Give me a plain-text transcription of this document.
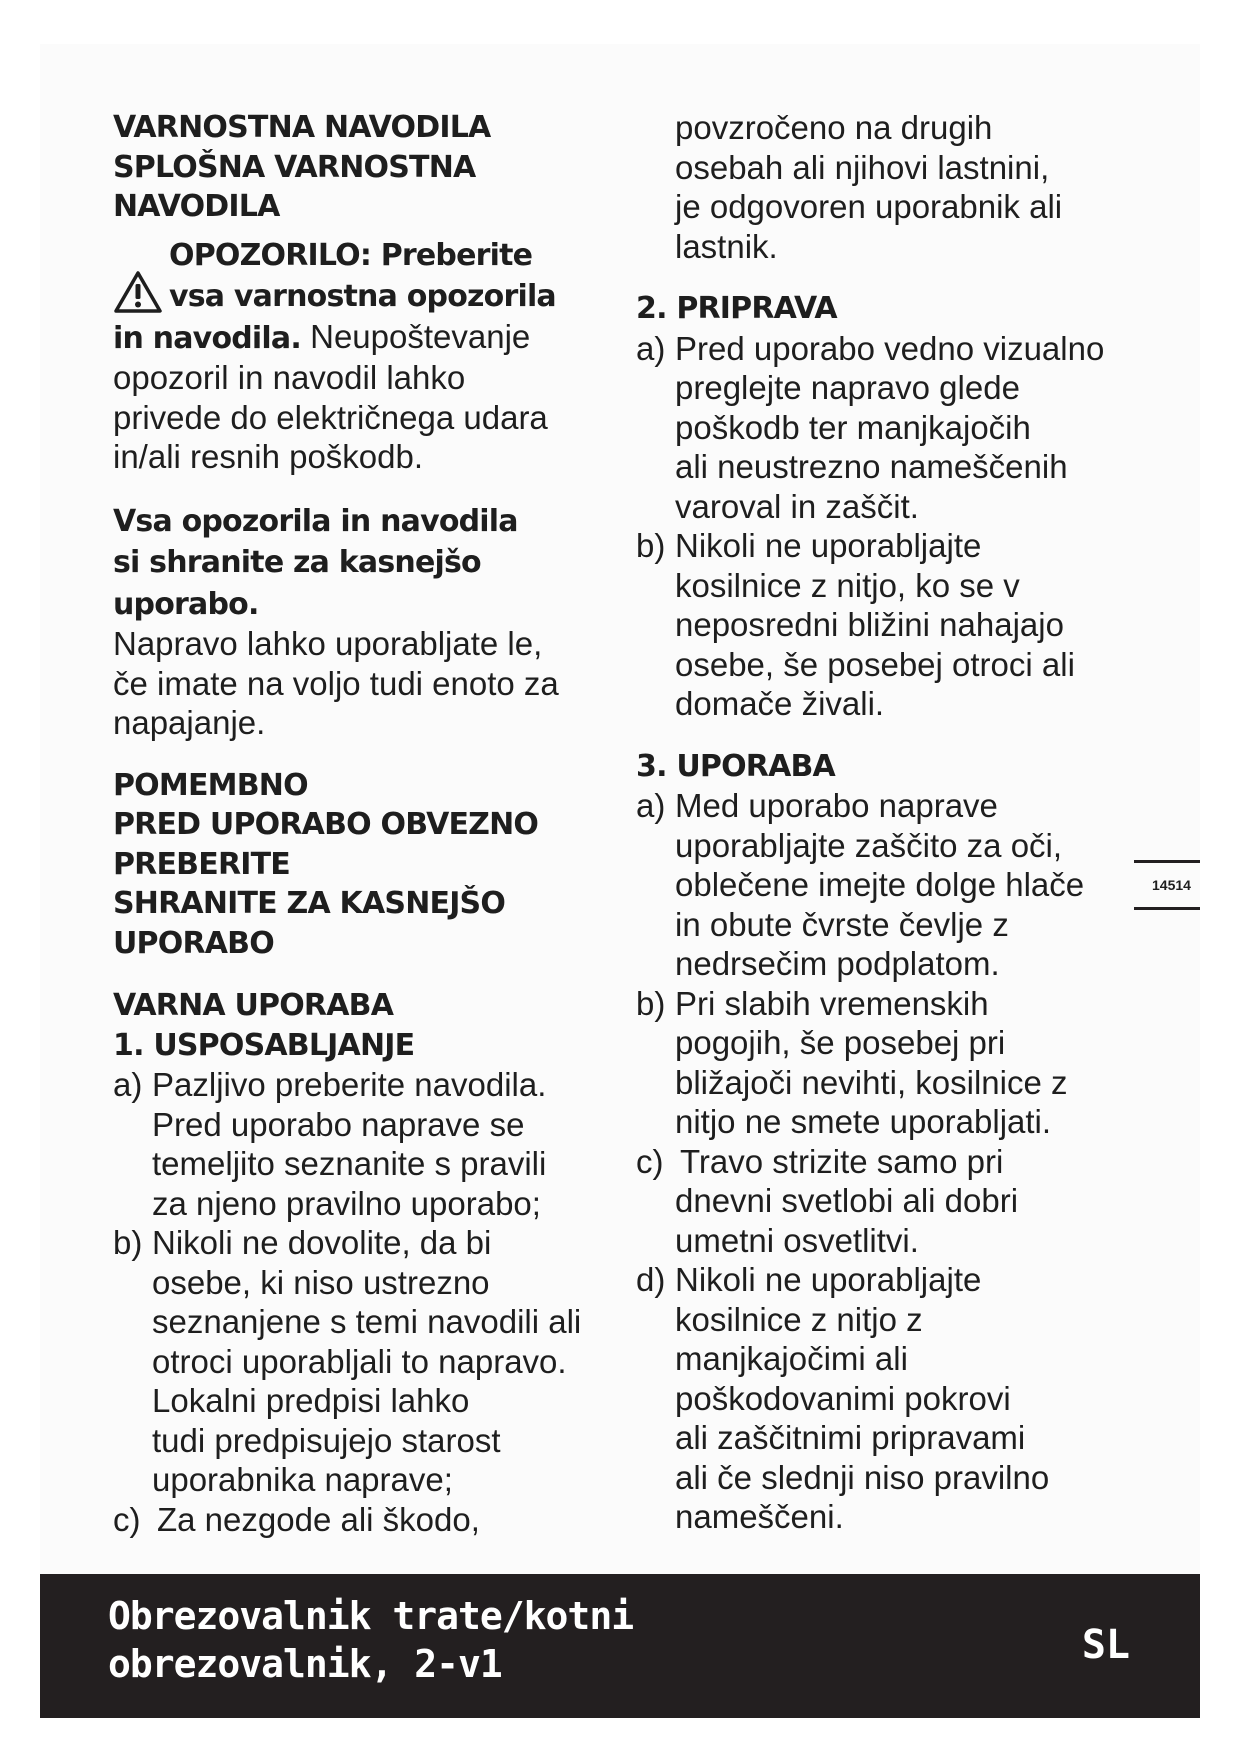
VARNOSTNA NAVODILA
SPLOŠNA VARNOSTNA
NAVODILA

OPOZORILO: Preberite
vsa varnostna opozorila

in navodila. Neupoštevanje
opozoril in navodil lahko
privede do električnega udara
in/ali resnih poškodb.

Vsa opozorila in navodila
si shranite za kasnejšo
uporabo.
Napravo lahko uporabljate le,
če imate na voljo tudi enoto za
napajanje.

POMEMBNO
PRED UPORABO OBVEZNO
PREBERITE
SHRANITE ZA KASNEJŠO
UPORABO

VARNA UPORABA
1. USPOSABLJANJE

a) Pazljivo preberite navodila.
Pred uporabo naprave se
temeljito seznanite s pravili
za njeno pravilno uporabo;
b) Nikoli ne dovolite, da bi
osebe, ki niso ustrezno
seznanjene s temi navodili ali
otroci uporabljali to napravo.
Lokalni predpisi lahko
tudi predpisujejo starost
uporabnika naprave;
c) Za nezgode ali škodo,

povzročeno na drugih
osebah ali njihovi lastnini,
je odgovoren uporabnik ali
lastnik.

2. PRIPRAVA

a) Pred uporabo vedno vizualno
preglejte napravo glede
poškodb ter manjkajočih
ali neustrezno nameščenih
varoval in zaščit.
b) Nikoli ne uporabljajte
kosilnice z nitjo, ko se v
neposredni bližini nahajajo
osebe, še posebej otroci ali
domače živali.

3. UPORABA

a) Med uporabo naprave
uporabljajte zaščito za oči,
oblečene imejte dolge hlače
in obute čvrste čevlje z
nedrsečim podplatom.
b) Pri slabih vremenskih
pogojih, še posebej pri
bližajoči nevihti, kosilnice z
nitjo ne smete uporabljati.
c) Travo strizite samo pri
dnevni svetlobi ali dobri
umetni osvetlitvi.
d) Nikoli ne uporabljajte
kosilnice z nitjo z
manjkajočimi ali
poškodovanimi pokrovi
ali zaščitnimi pripravami
ali če slednji niso pravilno
nameščeni.
14514
Obrezovalnik trate/kotni
obrezovalnik, 2-v1	SL
